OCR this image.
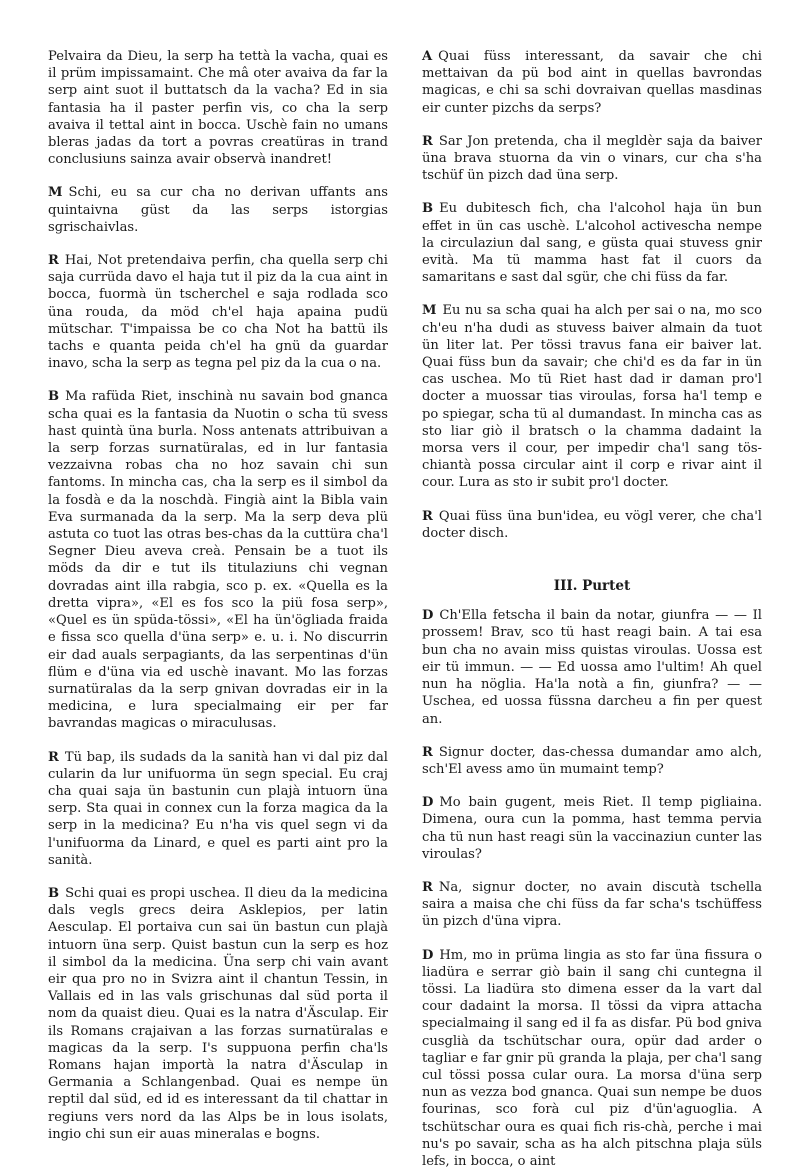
Pelvaira da Dieu, la serp ha tettà la vacha, quai es il prüm impissamaint. Che mâ oter avaiva da far la serp aint suot il buttatsch da la vacha? Ed in sia fantasia ha il paster perfin vis, co cha la serp avaiva il tettal aint in bocca. Uschè fain no umans bleras jadas da tort a povras creatüras in trand conclusiuns sainza avair observà inandret!

M Schi, eu sa cur cha no derivan uffants ans quintaivna güst da las serps istorgias sgrischaivlas.

R Hai, Not pretendaiva perfin, cha quella serp chi saja currüda davo el haja tut il piz da la cua aint in bocca, fuormà ün tscherchel e saja rodlada sco üna rouda, da möd ch'el haja apaina pudü mütschar. T'impaissa be co cha Not ha battü ils tachs e quanta peida ch'el ha gnü da guardar inavo, scha la serp as tegna pel piz da la cua o na.

B Ma rafüda Riet, inschinà nu savain bod gnanca scha quai es la fantasia da Nuotin o scha tü svess hast quintà üna burla. Noss antenats attribuivan a la serp forzas surnatüralas, ed in lur fantasia vezzaivna robas cha no hoz savain chi sun fantoms. In mincha cas, cha la serp es il simbol da la fosdà e da la noschdà. Fingià aint la Bibla vain Eva surmanada da la serp. Ma la serp deva plü astuta co tuot las otras bes-chas da la cuttüra cha'l Segner Dieu aveva creà. Pensain be a tuot ils möds da dir e tut ils titulaziuns chi vegnan dovradas aint illa rabgia, sco p. ex. «Quella es la dretta vipra», «El es fos sco la piü fosa serp», «Quel es ün spüda-tössi», «El ha ün'ögliada fraida e fissa sco quella d'üna serp» e. u. i. No discurrin eir dad auals serpagiants, da las serpentinas d'ün flüm e d'üna via ed uschè inavant. Mo las forzas surnatüralas da la serp gnivan dovradas eir in la medicina, e lura specialmaing eir per far bavrandas magicas o miraculusas.

R Tü bap, ils sudads da la sanità han vi dal piz dal cularin da lur unifuorma ün segn special. Eu craj cha quai saja ün bastunin cun plajà intuorn üna serp. Sta quai in connex cun la forza magica da la serp in la medicina? Eu n'ha vis quel segn vi da l'unifuorma da Linard, e quel es parti aint pro la sanità.

B Schi quai es propi uschea. Il dieu da la medicina dals vegls grecs deira Asklepios, per latin Aesculap. El portaiva cun sai ün bastun cun plajà intuorn üna serp. Quist bastun cun la serp es hoz il simbol da la medicina. Üna serp chi vain avant eir qua pro no in Svizra aint il chantun Tessin, in Vallais ed in las vals grischunas dal süd porta il nom da quaist dieu. Quai es la natra d'Äsculap. Eir ils Romans crajaivan a las forzas surnatüralas e magicas da la serp. I's suppuona perfin cha'ls Romans hajan importà la natra d'Äsculap in Germania a Schlangenbad. Quai es nempe ün reptil dal süd, ed id es interessant da til chattar in regiuns vers nord da las Alps be in lous isolats, ingio chi sun eir auas mineralas e bogns.

A Quai füss interessant, da savair che chi mettaivan da pü bod aint in quellas bavrondas magicas, e chi sa schi dovraivan quellas masdinas eir cunter pizchs da serps?

R Sar Jon pretenda, cha il megldèr saja da baiver üna brava stuorna da vin o vinars, cur cha s'ha tschüf ün pizch dad üna serp.

B Eu dubitesch fich, cha l'alcohol haja ün bun effet in ün cas uschè. L'alcohol activescha nempe la circulaziun dal sang, e güsta quai stuvess gnir evità. Ma tü mamma hast fat il cuors da samaritans e sast dal sgür, che chi füss da far.

M Eu nu sa scha quai ha alch per sai o na, mo sco ch'eu n'ha dudi as stuvess baiver almain da tuot ün liter lat. Per tössi travus fana eir baiver lat. Quai füss bun da savair; che chi'd es da far in ün cas uschea. Mo tü Riet hast dad ir daman pro'l docter a muossar tias viroulas, forsa ha'l temp e po spiegar, scha tü al dumandast. In mincha cas as sto liar giò il bratsch o la chamma dadaint la morsa vers il cour, per impedir cha'l sang tös-chiantà possa circular aint il corp e rivar aint il cour. Lura as sto ir subit pro'l docter.

R Quai füss üna bun'idea, eu vögl verer, che cha'l docter disch.

III. Purtet

D Ch'Ella fetscha il bain da notar, giunfra — — Il prossem! Brav, sco tü hast reagi bain. A tai esa bun cha no avain miss quistas viroulas. Uossa est eir tü immun. — — Ed uossa amo l'ultim! Ah quel nun ha nöglia. Ha'la notà a fin, giunfra? — — Uschea, ed uossa füssna darcheu a fin per quest an.

R Signur docter, das-chessa dumandar amo alch, sch'El avess amo ün mumaint temp?

D Mo bain gugent, meis Riet. Il temp pigliaina. Dimena, oura cun la pomma, hast temma pervia cha tü nun hast reagi sün la vaccinaziun cunter las viroulas?

R Na, signur docter, no avain discutà tschella saira a maisa che chi füss da far scha's tschüffess ün pizch d'üna vipra.

D Hm, mo in prüma lingia as sto far üna fissura o liadüra e serrar giò bain il sang chi cuntegna il tössi. La liadüra sto dimena esser da la vart dal cour dadaint la morsa. Il tössi da vipra attacha specialmaing il sang ed il fa as disfar. Pü bod gniva cusglià da tschütschar oura, opür dad arder o tagliar e far gnir pü granda la plaja, per cha'l sang cul tössi possa cular oura. La morsa d'üna serp nun as vezza bod gnanca. Quai sun nempe be duos fourinas, sco forà cul piz d'ün'aguoglia. A tschütschar oura es quai fich ris-chà, perche i mai nu's po savair, scha as ha alch pitschna plaja süls lefs, in bocca, o aint
